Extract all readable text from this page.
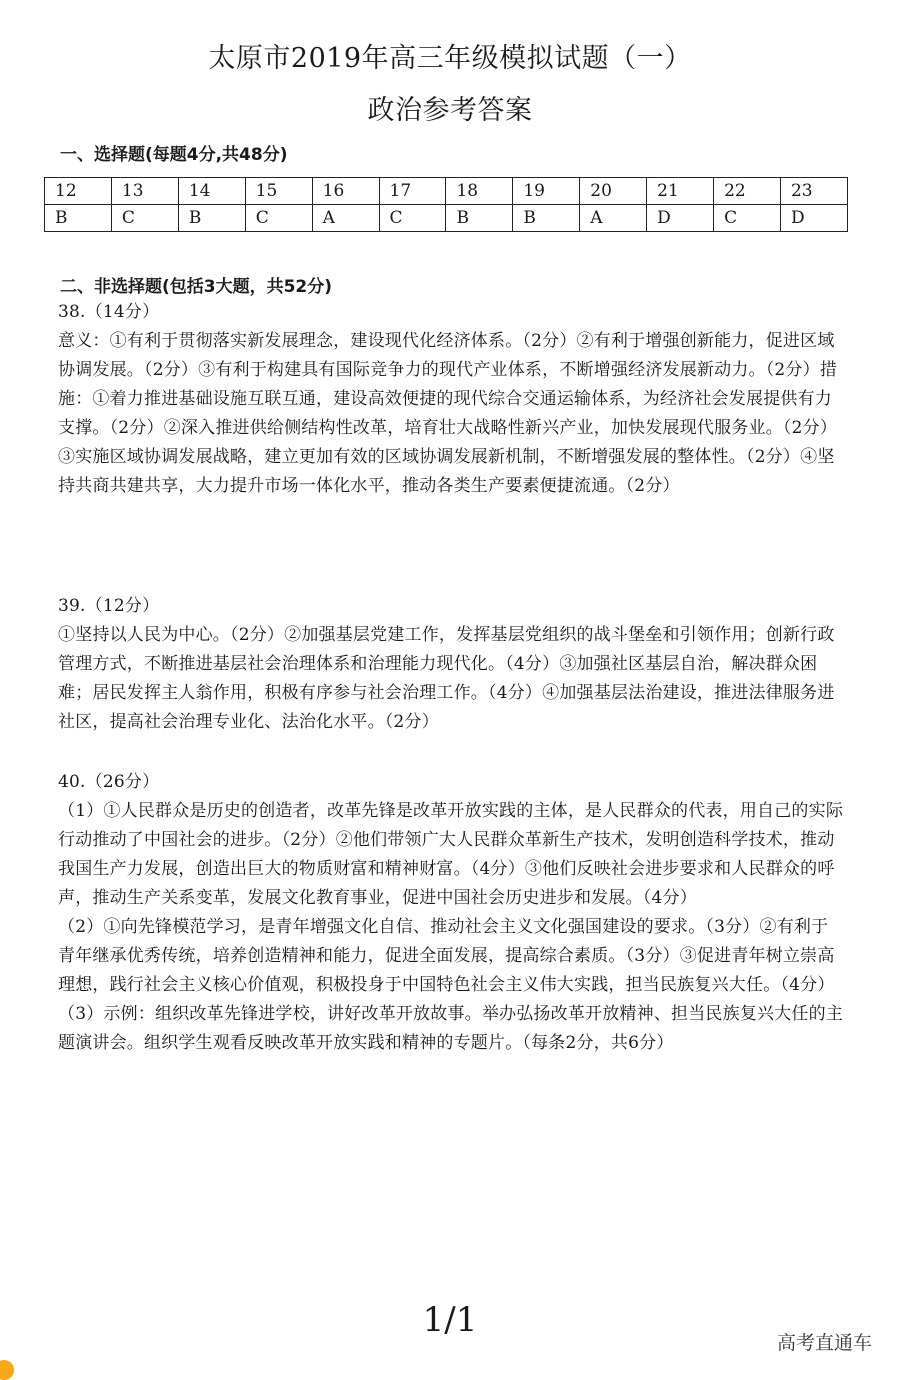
太原市2019年高三年级模拟试题（一）
政治参考答案
一、选择题(每题4分,共48分)
12	13	14	15	16	17	18	19	20	21	22	23
B	C	B	C	A	C	B	B	A	D	C	D
二、非选择题(包括3大题，共52分)

38.（14分）

意义：①有利于贯彻落实新发展理念，建设现代化经济体系。（2分）②有利于增强创新能力，促进区域协调发展。（2分）③有利于构建具有国际竞争力的现代产业体系，不断增强经济发展新动力。（2分）措施：①着力推进基础设施互联互通，建设高效便捷的现代综合交通运输体系，为经济社会发展提供有力支撑。（2分）②深入推进供给侧结构性改革，培育壮大战略性新兴产业，加快发展现代服务业。（2分）③实施区域协调发展战略，建立更加有效的区域协调发展新机制，不断增强发展的整体性。（2分）④坚持共商共建共享，大力提升市场一体化水平，推动各类生产要素便捷流通。（2分）

39.（12分）

①坚持以人民为中心。（2分）②加强基层党建工作，发挥基层党组织的战斗堡垒和引领作用；创新行政管理方式，不断推进基层社会治理体系和治理能力现代化。（4分）③加强社区基层自治，解决群众困难；居民发挥主人翁作用，积极有序参与社会治理工作。（4分）④加强基层法治建设，推进法律服务进社区，提高社会治理专业化、法治化水平。（2分）

40.（26分）

（1）①人民群众是历史的创造者，改革先锋是改革开放实践的主体，是人民群众的代表，用自己的实际行动推动了中国社会的进步。（2分）②他们带领广大人民群众革新生产技术，发明创造科学技术，推动我国生产力发展，创造出巨大的物质财富和精神财富。（4分）③他们反映社会进步要求和人民群众的呼声，推动生产关系变革，发展文化教育事业，促进中国社会历史进步和发展。（4分）

（2）①向先锋模范学习，是青年增强文化自信、推动社会主义文化强国建设的要求。（3分）②有利于青年继承优秀传统，培养创造精神和能力，促进全面发展，提高综合素质。（3分）③促进青年树立崇高理想，践行社会主义核心价值观，积极投身于中国特色社会主义伟大实践，担当民族复兴大任。（4分）

（3）示例：组织改革先锋进学校，讲好改革开放故事。举办弘扬改革开放精神、担当民族复兴大任的主题演讲会。组织学生观看反映改革开放实践和精神的专题片。（每条2分，共6分）

1/1
高考直通车
